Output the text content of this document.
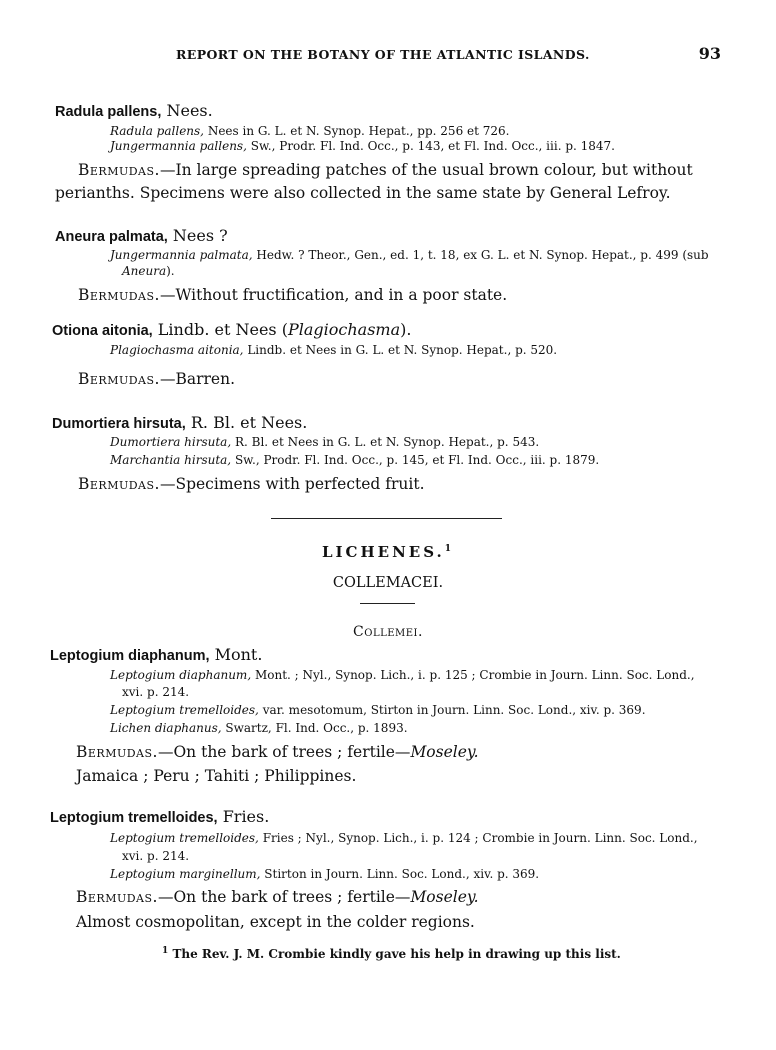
REPORT ON THE BOTANY OF THE ATLANTIC ISLANDS.	93
Radula pallens, Nees.
Radula pallens, Nees in G. L. et N. Synop. Hepat., pp. 256 et 726.
Jungermannia pallens, Sw., Prodr. Fl. Ind. Occ., p. 143, et Fl. Ind. Occ., iii. p. 1847.
Bermudas.—In large spreading patches of the usual brown colour, but without
perianths. Specimens were also collected in the same state by General Lefroy.
Aneura palmata, Nees ?
Jungermannia palmata, Hedw. ? Theor., Gen., ed. 1, t. 18, ex G. L. et N. Synop. Hepat., p. 499 (sub
Aneura).
Bermudas.—Without fructification, and in a poor state.
Otiona aitonia, Lindb. et Nees (Plagiochasma).
Plagiochasma aitonia, Lindb. et Nees in G. L. et N. Synop. Hepat., p. 520.
Bermudas.—Barren.
Dumortiera hirsuta, R. Bl. et Nees.
Dumortiera hirsuta, R. Bl. et Nees in G. L. et N. Synop. Hepat., p. 543.
Marchantia hirsuta, Sw., Prodr. Fl. Ind. Occ., p. 145, et Fl. Ind. Occ., iii. p. 1879.
Bermudas.—Specimens with perfected fruit.
LICHENES.$^1$
COLLEMACEI.
Collemei.
Leptogium diaphanum, Mont.
Leptogium diaphanum, Mont. ; Nyl., Synop. Lich., i. p. 125 ; Crombie in Journ. Linn. Soc. Lond.,
xvi. p. 214.
Leptogium tremelloides, var. mesotomum, Stirton in Journ. Linn. Soc. Lond., xiv. p. 369.
Lichen diaphanus, Swartz, Fl. Ind. Occ., p. 1893.
Bermudas.—On the bark of trees ; fertile—Moseley.
Jamaica ; Peru ; Tahiti ; Philippines.
Leptogium tremelloides, Fries.
Leptogium tremelloides, Fries ; Nyl., Synop. Lich., i. p. 124 ; Crombie in Journ. Linn. Soc. Lond.,
xvi. p. 214.
Leptogium marginellum, Stirton in Journ. Linn. Soc. Lond., xiv. p. 369.
Bermudas.—On the bark of trees ; fertile—Moseley.
Almost cosmopolitan, except in the colder regions.
$^1$ The Rev. J. M. Crombie kindly gave his help in drawing up this list.
